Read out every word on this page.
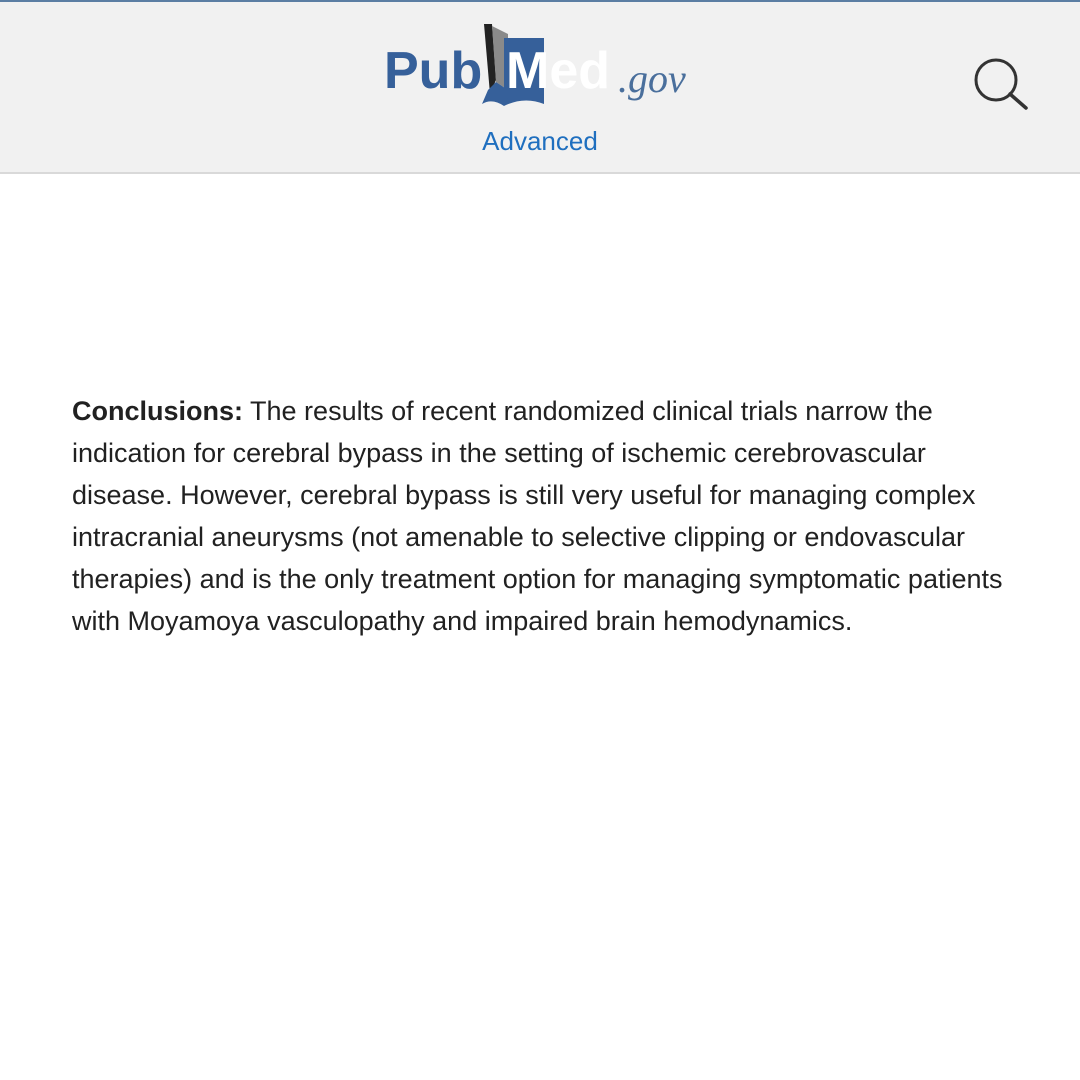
Pub Med .gov
Advanced
Conclusions: The results of recent randomized clinical trials narrow the indication for cerebral bypass in the setting of ischemic cerebrovascular disease. However, cerebral bypass is still very useful for managing complex intracranial aneurysms (not amenable to selective clipping or endovascular therapies) and is the only treatment option for managing symptomatic patients with Moyamoya vasculopathy and impaired brain hemodynamics.
